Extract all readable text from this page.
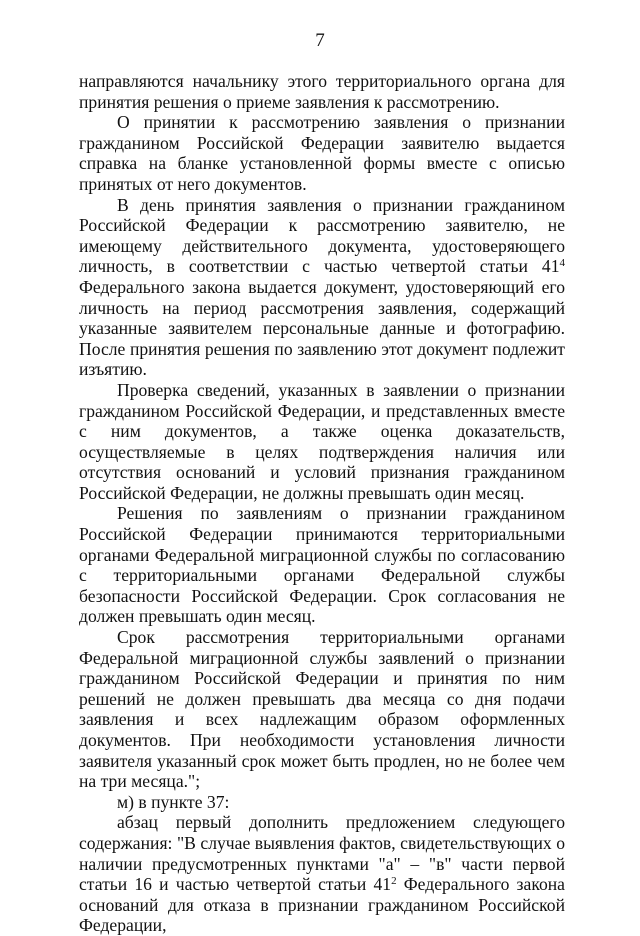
7

направляются начальнику этого территориального органа для принятия решения о приеме заявления к рассмотрению.

О принятии к рассмотрению заявления о признании гражданином Российской Федерации заявителю выдается справка на бланке установленной формы вместе с описью принятых от него документов.

В день принятия заявления о признании гражданином Российской Федерации к рассмотрению заявителю, не имеющему действительного документа, удостоверяющего личность, в соответствии с частью четвертой статьи $41^4$ Федерального закона выдается документ, удостоверяющий его личность на период рассмотрения заявления, содержащий указанные заявителем персональные данные и фотографию. После принятия решения по заявлению этот документ подлежит изъятию.

Проверка сведений, указанных в заявлении о признании гражданином Российской Федерации, и представленных вместе с ним документов, а также оценка доказательств, осуществляемые в целях подтверждения наличия или отсутствия оснований и условий признания гражданином Российской Федерации, не должны превышать один месяц.

Решения по заявлениям о признании гражданином Российской Федерации принимаются территориальными органами Федеральной миграционной службы по согласованию с территориальными органами Федеральной службы безопасности Российской Федерации. Срок согласования не должен превышать один месяц.

Срок рассмотрения территориальными органами Федеральной миграционной службы заявлений о признании гражданином Российской Федерации и принятия по ним решений не должен превышать два месяца со дня подачи заявления и всех надлежащим образом оформленных документов. При необходимости установления личности заявителя указанный срок может быть продлен, но не более чем на три месяца.";

м) в пункте 37:

абзац первый дополнить предложением следующего содержания: "В случае выявления фактов, свидетельствующих о наличии предусмотренных пунктами "а" – "в" части первой статьи 16 и частью четвертой статьи $41^2$ Федерального закона оснований для отказа в признании гражданином Российской Федерации,
